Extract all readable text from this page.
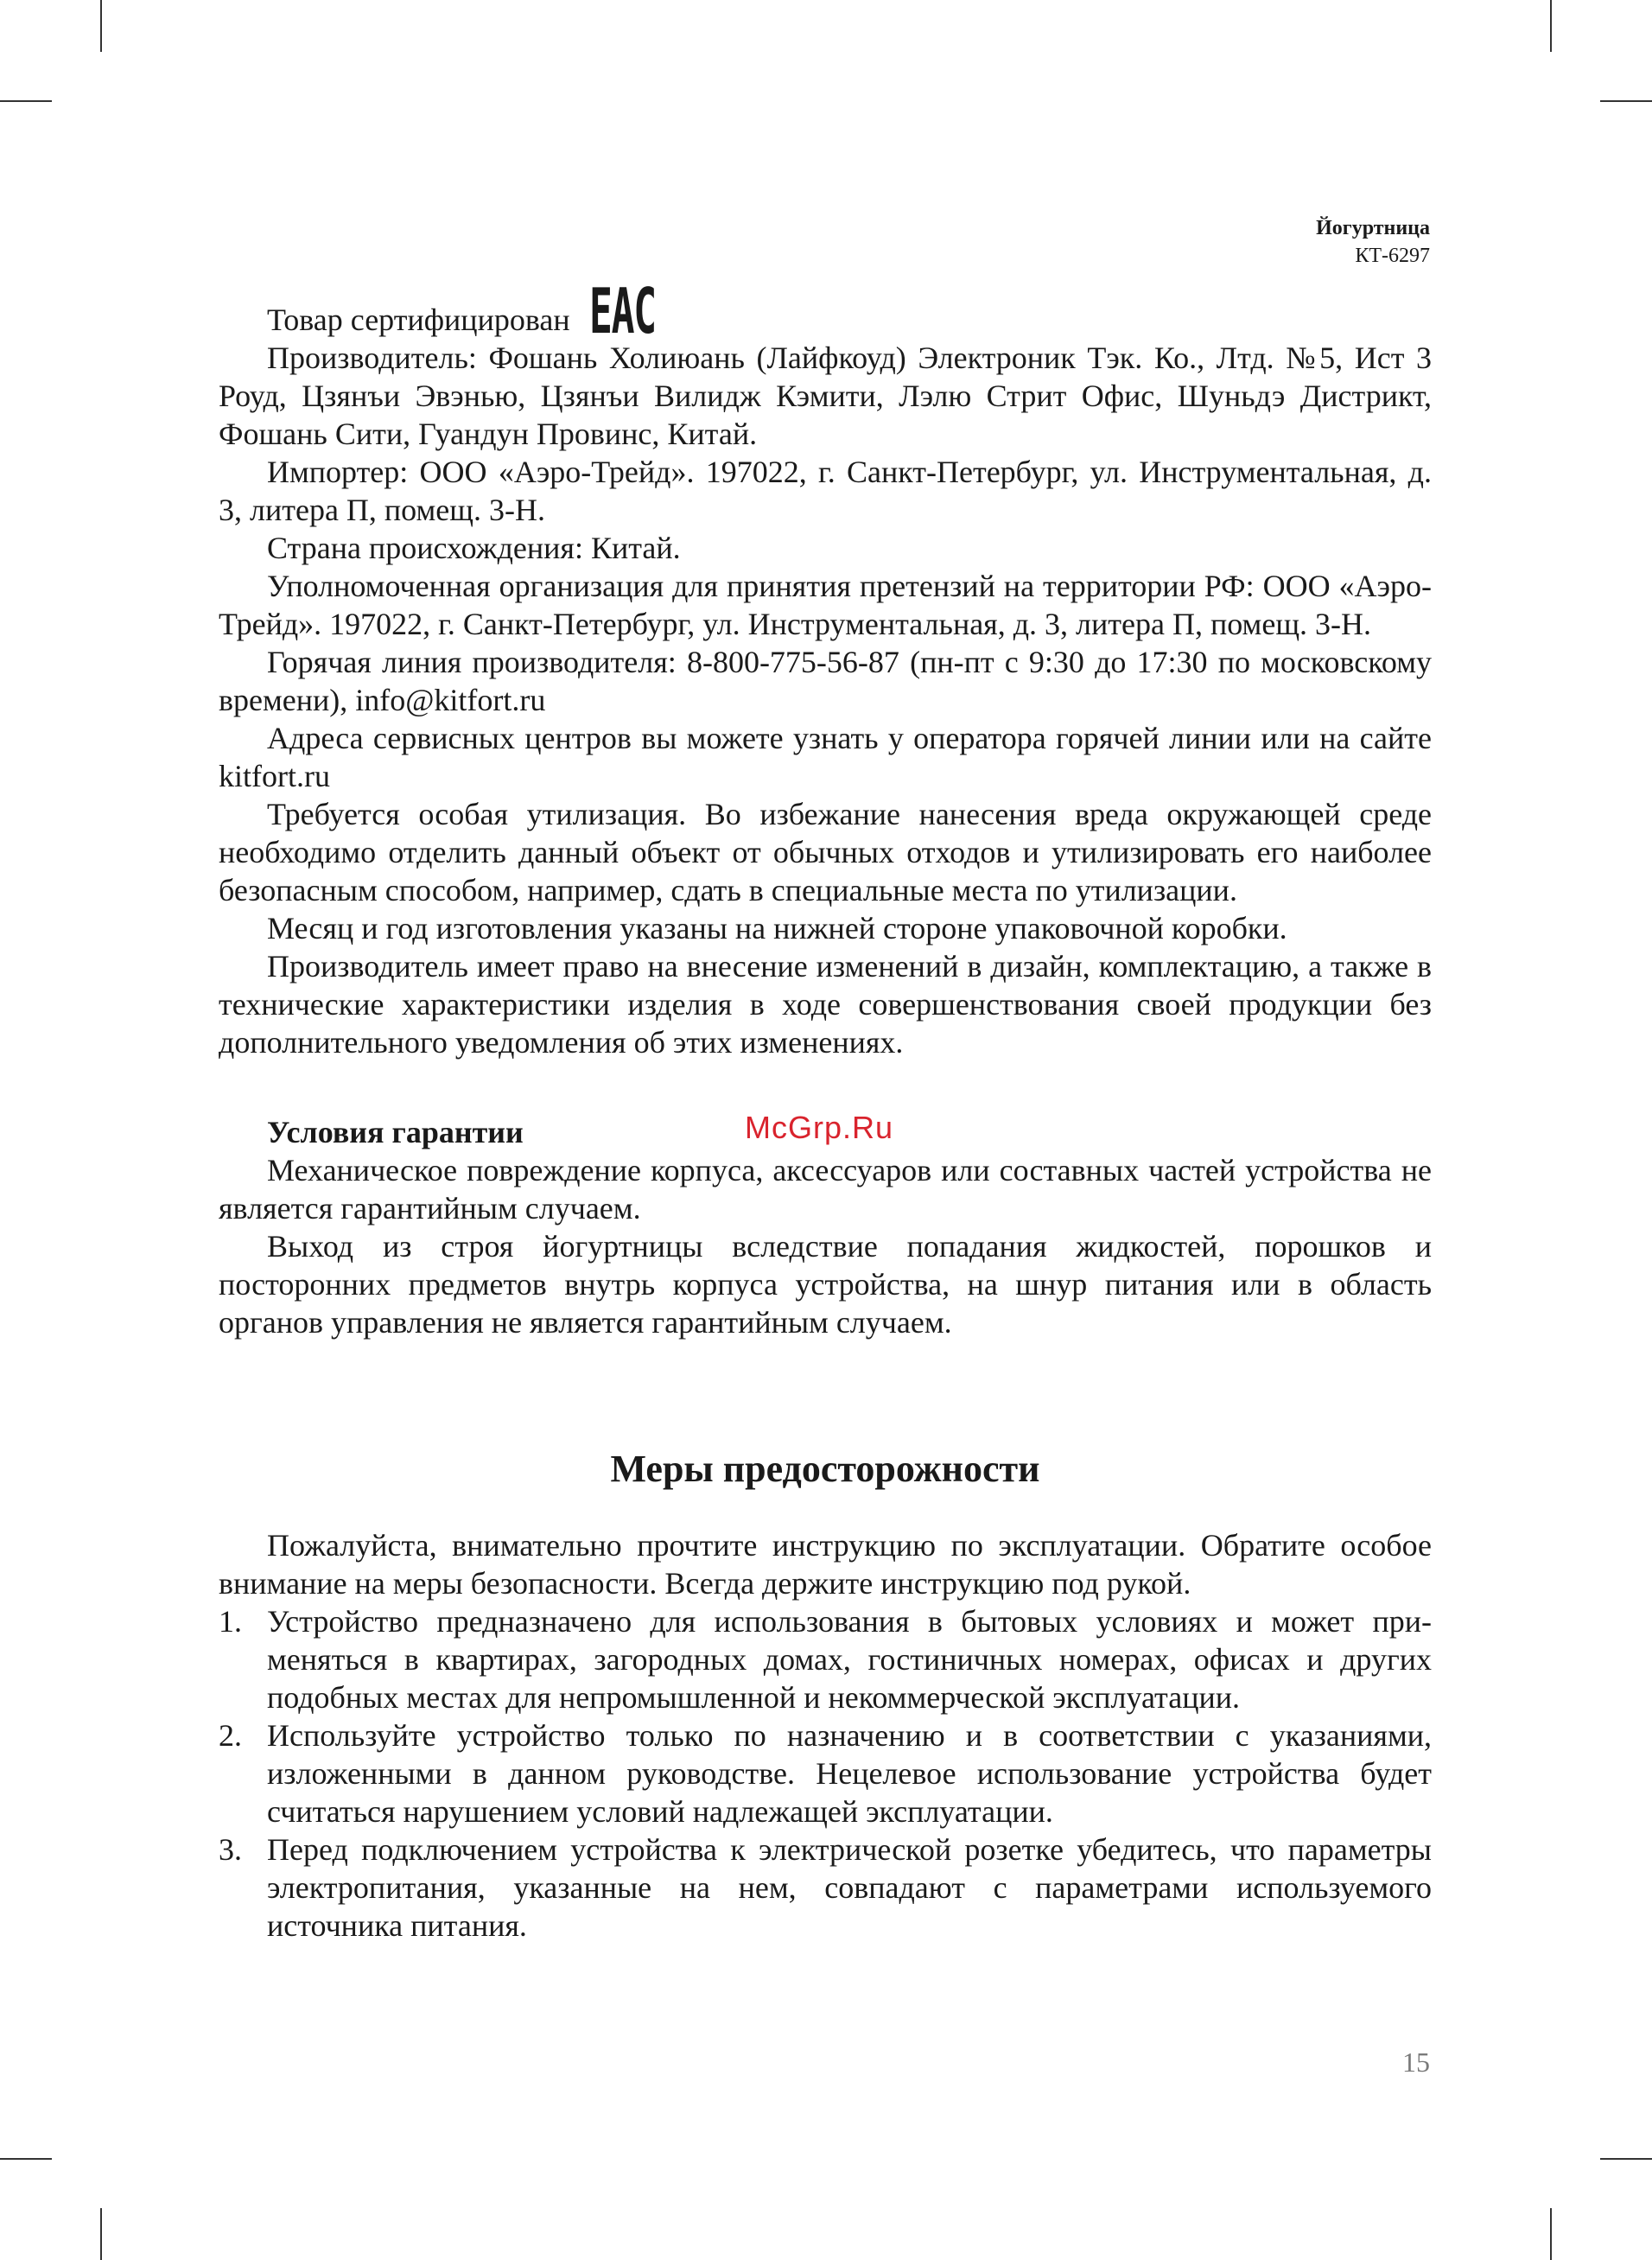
Йогуртница
КТ-6297
Товар сертифицирован EAC

Производитель: Фошань Холиюань (Лайфкоуд) Электроник Тэк. Ко., Лтд. №5, Ист 3 Роуд, Цзянъи Эвэнью, Цзянъи Вилидж Кэмити, Лэлю Стрит Офис, Шуньдэ Дистрикт, Фошань Сити, Гуандун Провинс, Китай.

Импортер: ООО «Аэро-Трейд». 197022, г. Санкт-Петербург, ул. Инструментальная, д. 3, литера П, помещ. 3-Н.

Страна происхождения: Китай.

Уполномоченная организация для принятия претензий на территории РФ: ООО «Аэро-Трейд». 197022, г. Санкт-Петербург, ул. Инструментальная, д. 3, литера П, помещ. 3-Н.

Горячая линия производителя: 8-800-775-56-87 (пн-пт с 9:30 до 17:30 по московскому времени), info@kitfort.ru

Адреса сервисных центров вы можете узнать у оператора горячей линии или на сайте kitfort.ru

Требуется особая утилизация. Во избежание нанесения вреда окружающей среде необходимо отделить данный объект от обычных отходов и утилизировать его наиболее безопасным способом, например, сдать в специальные места по утилизации.

Месяц и год изготовления указаны на нижней стороне упаковочной коробки.

Производитель имеет право на внесение изменений в дизайн, комплектацию, а также в технические характеристики изделия в ходе совершенствования своей продукции без дополнительного уведомления об этих изменениях.

Условия гарантии

Механическое повреждение корпуса, аксессуаров или составных частей устройства не является гарантийным случаем.

Выход из строя йогуртницы вследствие попадания жидкостей, порошков и посторонних предметов внутрь корпуса устройства, на шнур питания или в область органов управления не является гарантийным случаем.

Меры предосторожности

Пожалуйста, внимательно прочтите инструкцию по эксплуатации. Обратите особое внимание на меры безопасности. Всегда держите инструкцию под рукой.

1. Устройство предназначено для использования в бытовых условиях и может применяться в квартирах, загородных домах, гостиничных номерах, офисах и других подобных местах для непромышленной и некоммерческой эксплуатации.
2. Используйте устройство только по назначению и в соответствии с указаниями, изложенными в данном руководстве. Нецелевое использование устройства будет считаться нарушением условий надлежащей эксплуатации.
3. Перед подключением устройства к электрической розетке убедитесь, что параметры электропитания, указанные на нем, совпадают с параметрами используемого источника питания.
McGrp.Ru
15
